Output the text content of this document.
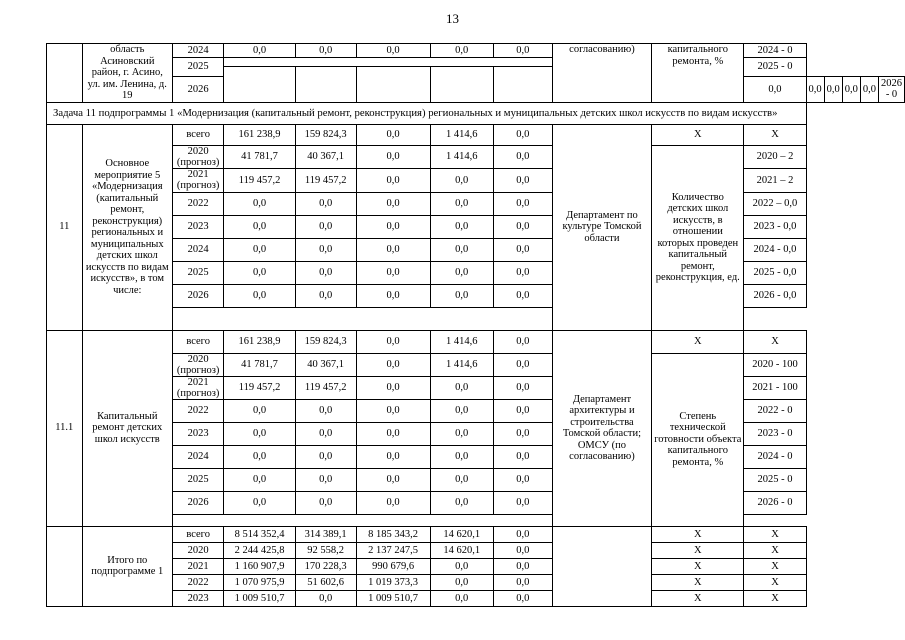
13
	область Асиновский район, г. Асино, ул. им. Ленина, д. 19	2024	0,0	0,0	0,0	0,0	0,0	согласованию)	капитального ремонта, %	2024 - 0					
		2025								2025 - 0					

		2026								0,0	0,0	0,0	0,0	0,0	2026 - 0
Задача 11 подпрограммы 1 «Модернизация (капитальный ремонт, реконструкция) региональных и муниципальных детских школ искусств по видам искусств»															
11	Основное мероприятие 5 «Модернизация (капитальный ремонт, реконструкция) региональных и муниципальных детских школ искусств по видам искусств», в том числе:	всего	161 238,9	159 824,3	0,0	1 414,6	0,0	Департамент по культуре Томской области	X	X					
		2020 (прогноз)	41 781,7	40 367,1	0,0	1 414,6	0,0		Количество детских школ искусств, в отношении которых проведен капитальный ремонт, реконструкция, ед.	2020 – 2					
		2021 (прогноз)	119 457,2	119 457,2	0,0	0,0	0,0			2021 – 2					
		2022	0,0	0,0	0,0	0,0	0,0			2022 – 0,0					
		2023	0,0	0,0	0,0	0,0	0,0			2023 - 0,0					
		2024	0,0	0,0	0,0	0,0	0,0			2024 - 0,0					
		2025	0,0	0,0	0,0	0,0	0,0			2025 - 0,0					
		2026	0,0	0,0	0,0	0,0	0,0			2026 - 0,0					

11.1	Капитальный ремонт детских школ искусств	всего	161 238,9	159 824,3	0,0	1 414,6	0,0	Департамент архитектуры и строительства Томской области; ОМСУ (по согласованию)	X	X					
		2020 (прогноз)	41 781,7	40 367,1	0,0	1 414,6	0,0		Степень технической готовности объекта капитального ремонта, %	2020 - 100					
		2021 (прогноз)	119 457,2	119 457,2	0,0	0,0	0,0			2021 - 100					
		2022	0,0	0,0	0,0	0,0	0,0			2022 - 0					
		2023	0,0	0,0	0,0	0,0	0,0			2023 - 0					
		2024	0,0	0,0	0,0	0,0	0,0			2024 - 0					
		2025	0,0	0,0	0,0	0,0	0,0			2025 - 0					
		2026	0,0	0,0	0,0	0,0	0,0			2026 - 0					

	Итого по подпрограмме 1	всего	8 514 352,4	314 389,1	8 185 343,2	14 620,1	0,0		X	X					
		2020	2 244 425,8	92 558,2	2 137 247,5	14 620,1	0,0		X	X					
		2021	1 160 907,9	170 228,3	990 679,6	0,0	0,0		X	X					
		2022	1 070 975,9	51 602,6	1 019 373,3	0,0	0,0		X	X					
		2023	1 009 510,7	0,0	1 009 510,7	0,0	0,0		X	X					
